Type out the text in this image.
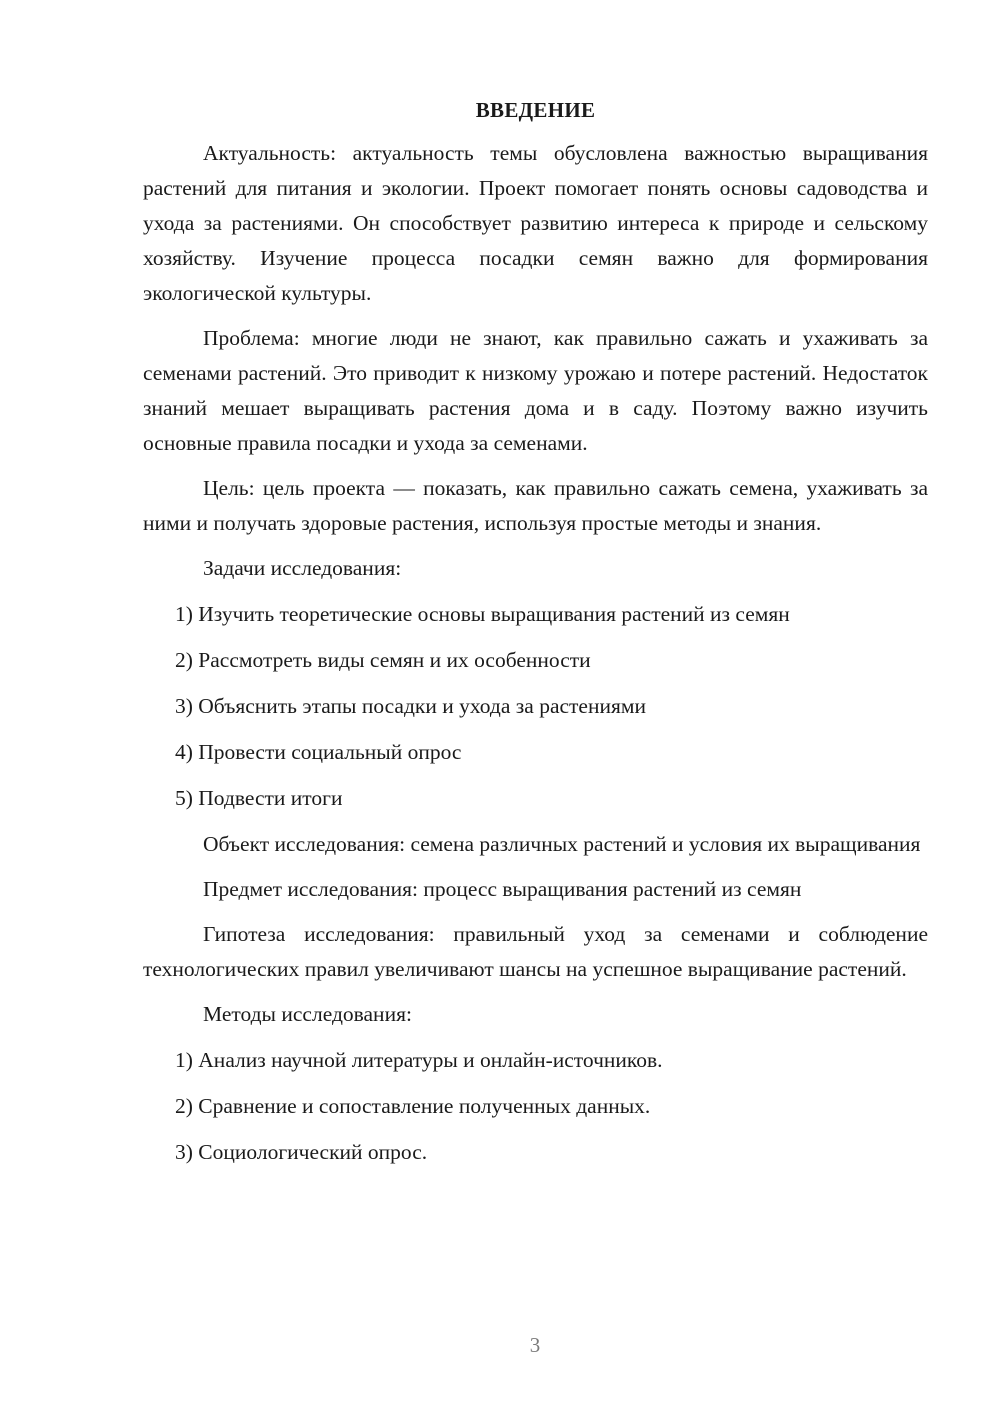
ВВЕДЕНИЕ

Актуальность: актуальность темы обусловлена важностью выращивания растений для питания и экологии. Проект помогает понять основы садоводства и ухода за растениями. Он способствует развитию интереса к природе и сельскому хозяйству. Изучение процесса посадки семян важно для формирования экологической культуры.

Проблема: многие люди не знают, как правильно сажать и ухаживать за семенами растений. Это приводит к низкому урожаю и потере растений. Недостаток знаний мешает выращивать растения дома и в саду. Поэтому важно изучить основные правила посадки и ухода за семенами.

Цель: цель проекта — показать, как правильно сажать семена, ухаживать за ними и получать здоровые растения, используя простые методы и знания.

Задачи исследования:

1) Изучить теоретические основы выращивания растений из семян

2) Рассмотреть виды семян и их особенности

3) Объяснить этапы посадки и ухода за растениями

4) Провести социальный опрос

5) Подвести итоги

Объект исследования: семена различных растений и условия их выращивания

Предмет исследования: процесс выращивания растений из семян

Гипотеза исследования: правильный уход за семенами и соблюдение технологических правил увеличивают шансы на успешное выращивание растений.

Методы исследования:

1) Анализ научной литературы и онлайн-источников.

2) Сравнение и сопоставление полученных данных.

3) Социологический опрос.

3
